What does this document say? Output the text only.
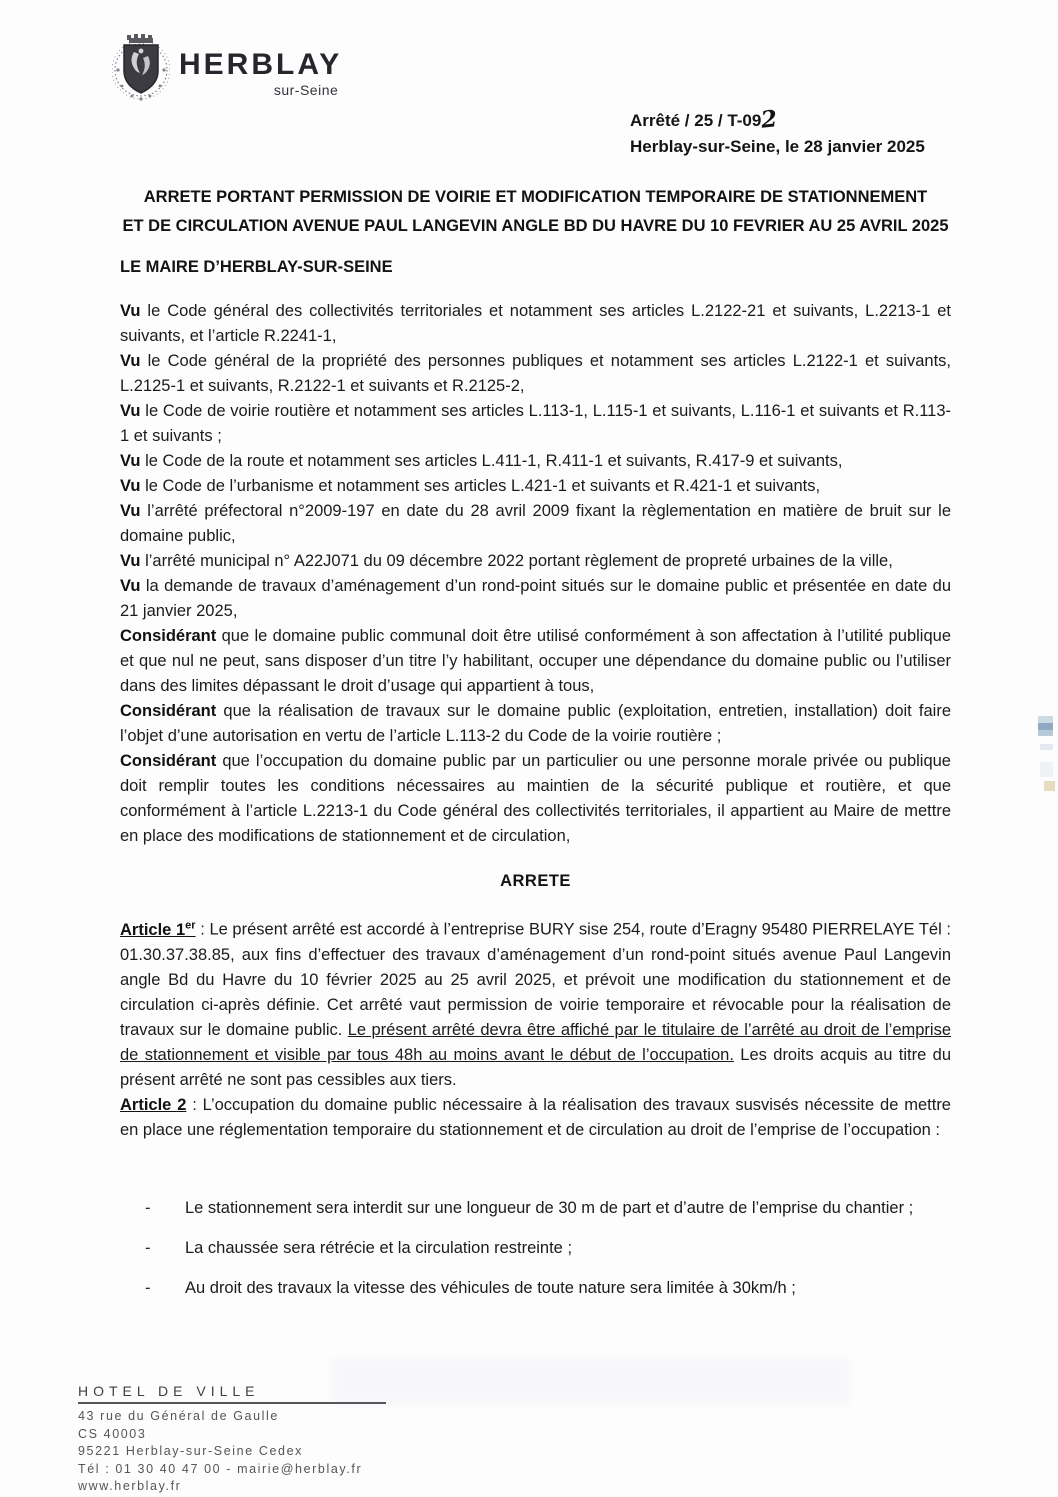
HERBLAY
sur-Seine
Arrêté / 25 / T-092
Herblay-sur-Seine, le 28 janvier 2025
ARRETE PORTANT PERMISSION DE VOIRIE ET MODIFICATION TEMPORAIRE DE STATIONNEMENT
ET DE CIRCULATION AVENUE PAUL LANGEVIN ANGLE BD DU HAVRE DU 10 FEVRIER AU 25 AVRIL 2025
LE MAIRE D’HERBLAY-SUR-SEINE

Vu le Code général des collectivités territoriales et notamment ses articles L.2122-21 et suivants, L.2213-1 et suivants, et l’article R.2241-1,

Vu le Code général de la propriété des personnes publiques et notamment ses articles L.2122-1 et suivants, L.2125-1 et suivants, R.2122-1 et suivants et R.2125-2,

Vu le Code de voirie routière et notamment ses articles L.113-1, L.115-1 et suivants, L.116-1 et suivants et R.113-1 et suivants ;

Vu le Code de la route et notamment ses articles L.411-1, R.411-1 et suivants, R.417-9 et suivants,

Vu le Code de l’urbanisme et notamment ses articles L.421-1 et suivants et R.421-1 et suivants,

Vu l’arrêté préfectoral n°2009-197 en date du 28 avril 2009 fixant la règlementation en matière de bruit sur le domaine public,

Vu l’arrêté municipal n° A22J071 du 09 décembre 2022 portant règlement de propreté urbaines de la ville,

Vu la demande de travaux d’aménagement d’un rond-point situés sur le domaine public et présentée en date du 21 janvier 2025,

Considérant que le domaine public communal doit être utilisé conformément à son affectation à l’utilité publique et que nul ne peut, sans disposer d’un titre l’y habilitant, occuper une dépendance du domaine public ou l’utiliser dans des limites dépassant le droit d’usage qui appartient à tous,

Considérant que la réalisation de travaux sur le domaine public (exploitation, entretien, installation) doit faire l’objet d’une autorisation en vertu de l’article L.113-2 du Code de la voirie routière ;

Considérant que l’occupation du domaine public par un particulier ou une personne morale privée ou publique doit remplir toutes les conditions nécessaires au maintien de la sécurité publique et routière, et que conformément à l’article L.2213-1 du Code général des collectivités territoriales, il appartient au Maire de mettre en place des modifications de stationnement et de circulation,

ARRETE

Article 1er : Le présent arrêté est accordé à l’entreprise BURY sise 254, route d’Eragny 95480 PIERRELAYE Tél : 01.30.37.38.85, aux fins d’effectuer des travaux d’aménagement d’un rond-point situés avenue Paul Langevin angle Bd du Havre du 10 février 2025 au 25 avril 2025, et prévoit une modification du stationnement et de circulation ci-après définie. Cet arrêté vaut permission de voirie temporaire et révocable pour la réalisation de travaux sur le domaine public. Le présent arrêté devra être affiché par le titulaire de l’arrêté au droit de l’emprise de stationnement et visible par tous 48h au moins avant le début de l’occupation. Les droits acquis au titre du présent arrêté ne sont pas cessibles aux tiers.

Article 2 : L’occupation du domaine public nécessaire à la réalisation des travaux susvisés nécessite de mettre en place une réglementation temporaire du stationnement et de circulation au droit de l’emprise de l’occupation :

- Le stationnement sera interdit sur une longueur de 30 m de part et d’autre de l’emprise du chantier ;
- La chaussée sera rétrécie et la circulation restreinte ;
- Au droit des travaux la vitesse des véhicules de toute nature sera limitée à 30km/h ;
HOTEL DE VILLE
43 rue du Général de Gaulle
CS 40003
95221 Herblay-sur-Seine Cedex
Tél : 01 30 40 47 00 - mairie@herblay.fr
www.herblay.fr
